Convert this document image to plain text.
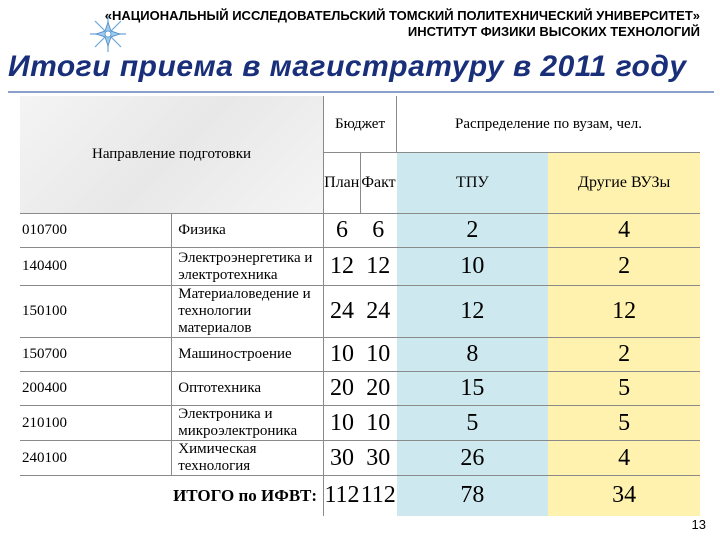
«НАЦИОНАЛЬНЫЙ ИССЛЕДОВАТЕЛЬСКИЙ ТОМСКИЙ ПОЛИТЕХНИЧЕСКИЙ УНИВЕРСИТЕТ»
ИНСТИТУТ ФИЗИКИ ВЫСОКИХ ТЕХНОЛОГИЙ
Итоги приема в магистратуру в 2011 году
Направление подготовки		Бюджет		Распределение по вузам, чел.	
		План	Факт	ТПУ	Другие ВУЗы
010700	Физика	6	6	2	4
140400	Электроэнергетика и электротехника	12	12	10	2
150100	Материаловедение и технологии материалов	24	24	12	12
150700	Машиностроение	10	10	8	2
200400	Оптотехника	20	20	15	5
210100	Электроника и микроэлектроника	10	10	5	5
240100	Химическая технология	30	30	26	4
ИТОГО по ИФВТ:		112	112	78	34
13
